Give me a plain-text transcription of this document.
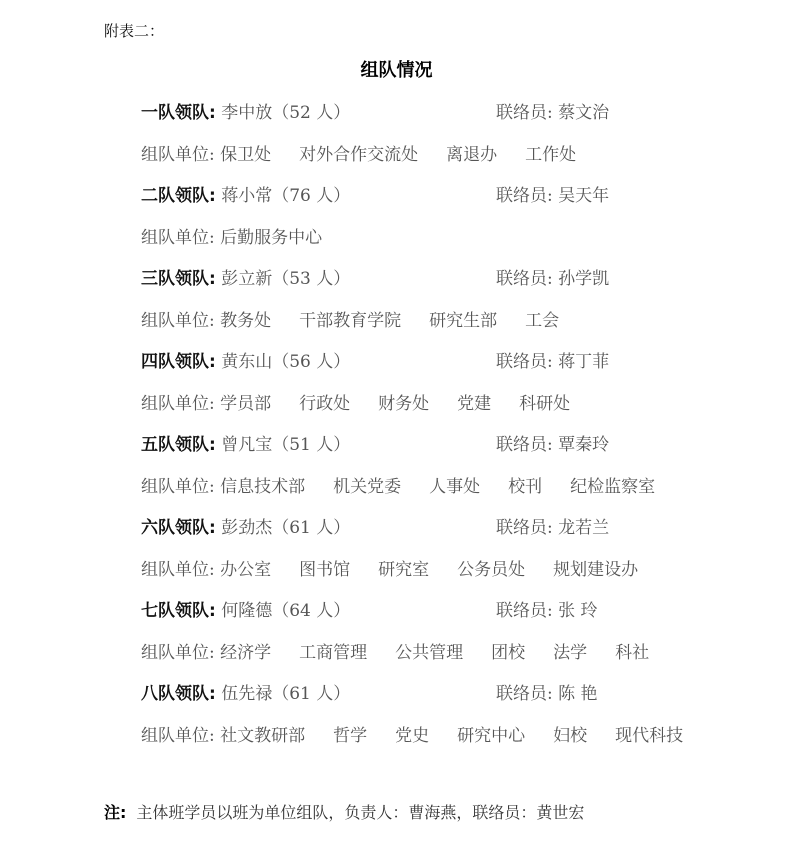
附表二：
组队情况
一队领队: 李中放（52 人）	联络员: 蔡文治
组队单位: 保卫处 对外合作交流处 离退办 工作处
二队领队: 蒋小常（76 人）	联络员: 吴天年
组队单位: 后勤服务中心
三队领队: 彭立新（53 人）	联络员: 孙学凯
组队单位: 教务处 干部教育学院 研究生部 工会
四队领队: 黄东山（56 人）	联络员: 蒋丁菲
组队单位: 学员部 行政处 财务处 党建 科研处
五队领队: 曾凡宝（51 人）	联络员: 覃秦玲
组队单位: 信息技术部 机关党委 人事处 校刊 纪检监察室
六队领队: 彭劲杰（61 人）	联络员: 龙若兰
组队单位: 办公室 图书馆 研究室 公务员处 规划建设办
七队领队: 何隆德（64 人）	联络员: 张 玲
组队单位: 经济学 工商管理 公共管理 团校 法学 科社
八队领队: 伍先禄（61 人）	联络员: 陈 艳
组队单位: 社文教研部 哲学 党史 研究中心 妇校 现代科技
注: 主体班学员以班为单位组队，负责人：曹海燕，联络员：黄世宏
